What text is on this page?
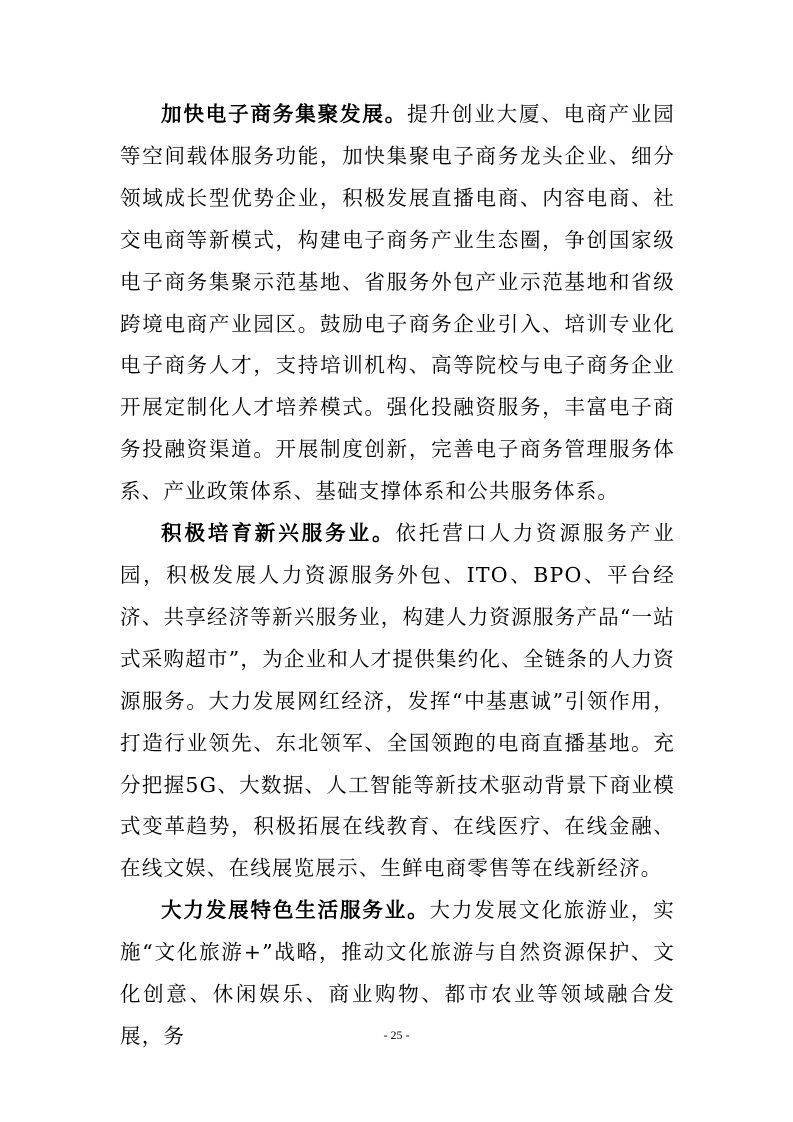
加快电子商务集聚发展。提升创业大厦、电商产业园等空间载体服务功能，加快集聚电子商务龙头企业、细分领域成长型优势企业，积极发展直播电商、内容电商、社交电商等新模式，构建电子商务产业生态圈，争创国家级电子商务集聚示范基地、省服务外包产业示范基地和省级跨境电商产业园区。鼓励电子商务企业引入、培训专业化电子商务人才，支持培训机构、高等院校与电子商务企业开展定制化人才培养模式。强化投融资服务，丰富电子商务投融资渠道。开展制度创新，完善电子商务管理服务体系、产业政策体系、基础支撑体系和公共服务体系。

积极培育新兴服务业。依托营口人力资源服务产业园，积极发展人力资源服务外包、ITO、BPO、平台经济、共享经济等新兴服务业，构建人力资源服务产品“一站式采购超市”，为企业和人才提供集约化、全链条的人力资源服务。大力发展网红经济，发挥“中基惠诚”引领作用，打造行业领先、东北领军、全国领跑的电商直播基地。充分把握5G、大数据、人工智能等新技术驱动背景下商业模式变革趋势，积极拓展在线教育、在线医疗、在线金融、在线文娱、在线展览展示、生鲜电商零售等在线新经济。

大力发展特色生活服务业。大力发展文化旅游业，实施“文化旅游+”战略，推动文化旅游与自然资源保护、文化创意、休闲娱乐、商业购物、都市农业等领域融合发展，务	- 25 -
